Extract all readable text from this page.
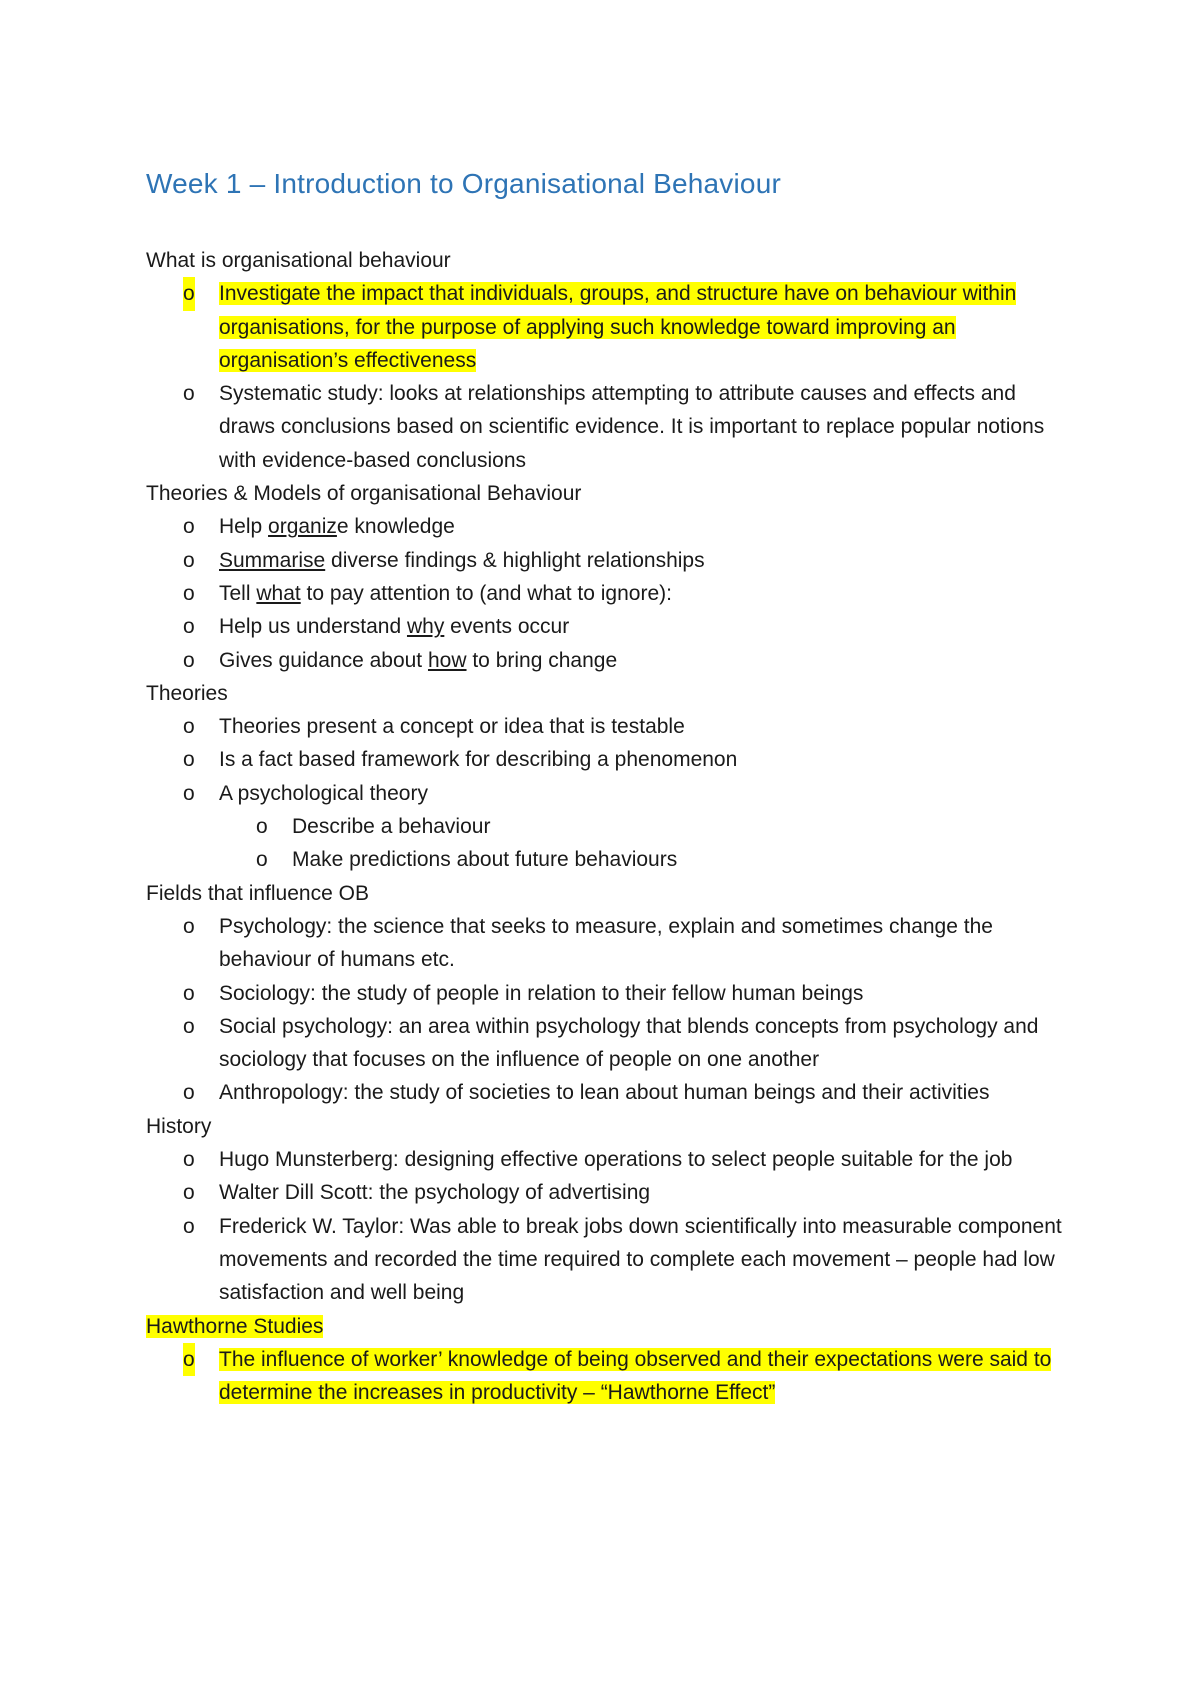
Week 1 – Introduction to Organisational Behaviour
What is organisational behaviour
o Investigate the impact that individuals, groups, and structure have on behaviour within organisations, for the purpose of applying such knowledge toward improving an organisation’s effectiveness
o Systematic study: looks at relationships attempting to attribute causes and effects and draws conclusions based on scientific evidence. It is important to replace popular notions with evidence-based conclusions
Theories & Models of organisational Behaviour
o Help organize knowledge
o Summarise diverse findings & highlight relationships
o Tell what to pay attention to (and what to ignore):
o Help us understand why events occur
o Gives guidance about how to bring change
Theories
o Theories present a concept or idea that is testable
o Is a fact based framework for describing a phenomenon
o A psychological theory
o Describe a behaviour
o Make predictions about future behaviours
Fields that influence OB
o Psychology: the science that seeks to measure, explain and sometimes change the behaviour of humans etc.
o Sociology: the study of people in relation to their fellow human beings
o Social psychology: an area within psychology that blends concepts from psychology and sociology that focuses on the influence of people on one another
o Anthropology: the study of societies to lean about human beings and their activities
History
o Hugo Munsterberg: designing effective operations to select people suitable for the job
o Walter Dill Scott: the psychology of advertising
o Frederick W. Taylor: Was able to break jobs down scientifically into measurable component movements and recorded the time required to complete each movement – people had low satisfaction and well being
Hawthorne Studies
o The influence of worker’ knowledge of being observed and their expectations were said to determine the increases in productivity – “Hawthorne Effect”
